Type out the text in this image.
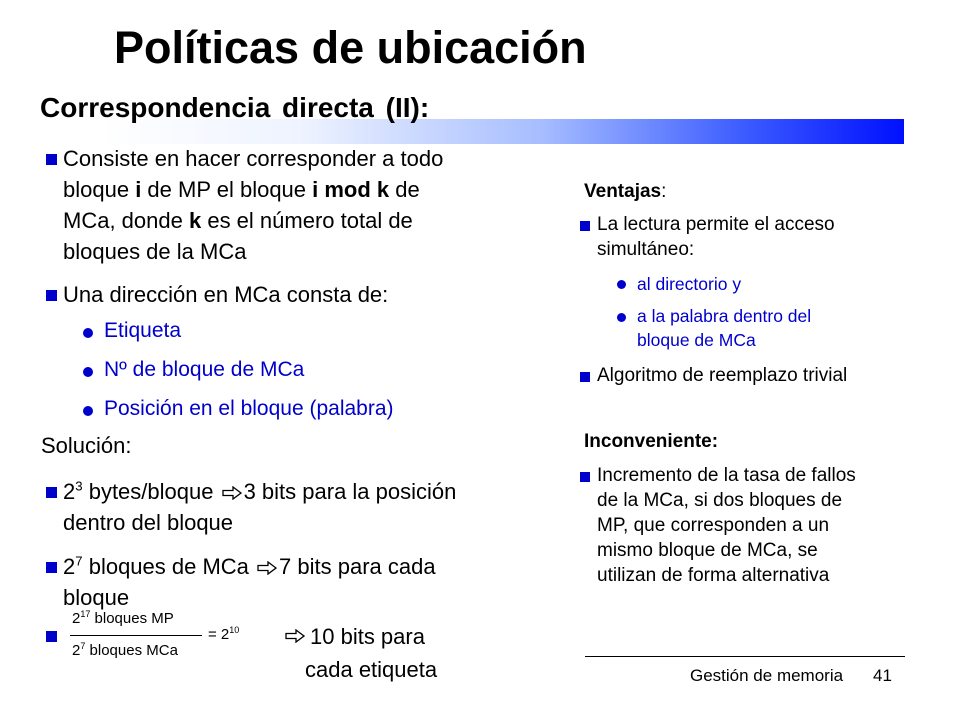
Políticas de ubicación
Correspondencia directa (II):
Consiste en hacer corresponder a todo
bloque i de MP el bloque i mod k de
MCa, donde k es el número total de
bloques de la MCa
Una dirección en MCa consta de:
Etiqueta
Nº de bloque de MCa
Posición en el bloque (palabra)
Solución:
$2^3$ bytes/bloque 3 bits para la posición
dentro del bloque
$2^7$ bloques de MCa 7 bits para cada
bloque
$2^{17}$ bloques MP
$2^7$ bloques MCa
= $2^{10}$	10 bits para
cada etiqueta
Ventajas:
La lectura permite el acceso
simultáneo:
al directorio y
a la palabra dentro del
bloque de MCa
Algoritmo de reemplazo trivial
Inconveniente:
Incremento de la tasa de fallos
de la MCa, si dos bloques de
MP, que corresponden a un
mismo bloque de MCa, se
utilizan de forma alternativa
Gestión de memoria 41
